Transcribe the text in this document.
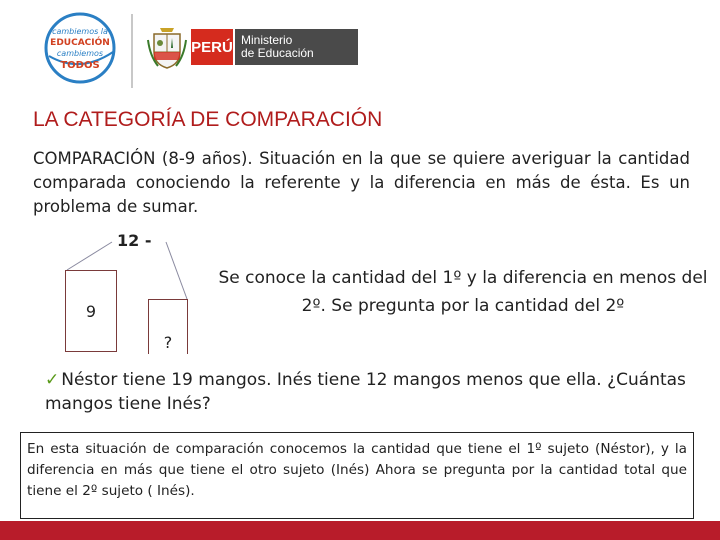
cambiemos la
EDUCACIÓN
cambiemos
TODOS
PERÚ Ministerio
de Educación
LA CATEGORÍA DE COMPARACIÓN
COMPARACIÓN (8-9 años). Situación en la que se quiere averiguar la cantidad comparada conociendo la referente y la diferencia en más de ésta. Es un problema de sumar.
12 -
9
?
Se conoce la cantidad del 1º y la diferencia en menos del 2º. Se pregunta por la cantidad del 2º
✓ Néstor tiene 19 mangos. Inés tiene 12 mangos menos que ella. ¿Cuántas mangos tiene Inés?
En esta situación de comparación conocemos la cantidad que tiene el 1º sujeto (Néstor), y la diferencia en más que tiene el otro sujeto (Inés) Ahora se pregunta por la cantidad total que tiene el 2º sujeto ( Inés).
